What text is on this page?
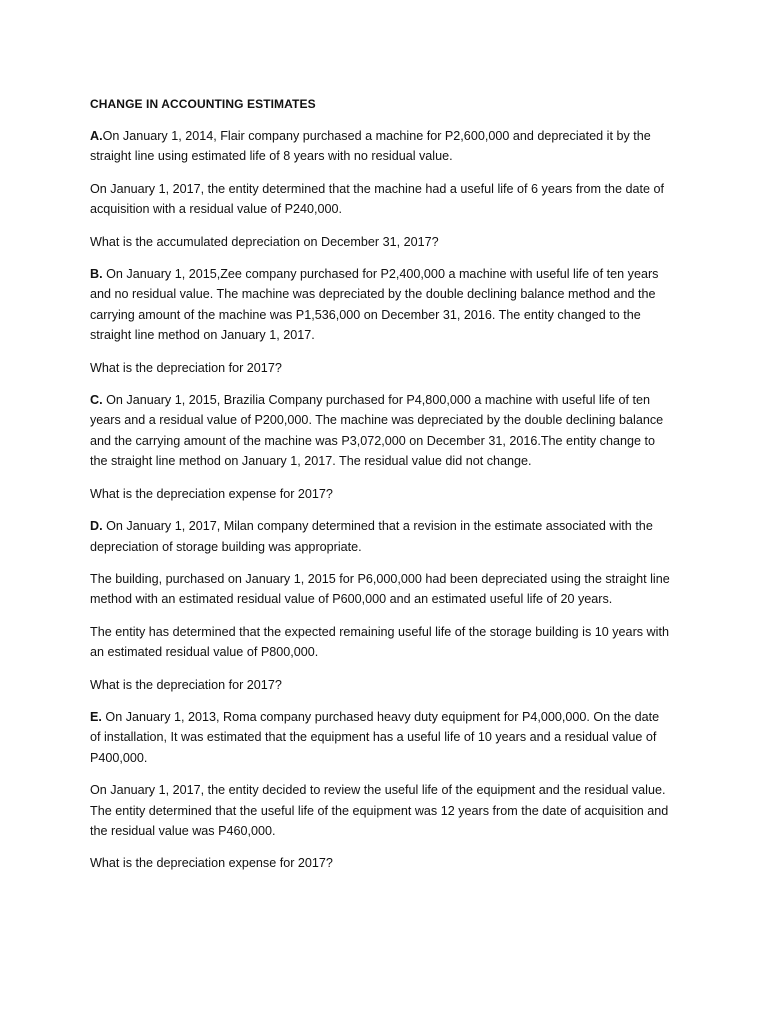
CHANGE IN ACCOUNTING ESTIMATES

A.On January 1, 2014, Flair company purchased a machine for P2,600,000 and depreciated it by the straight line using estimated life of 8 years with no residual value.

On January 1, 2017, the entity determined that the machine had a useful life of 6 years from the date of acquisition with a residual value of P240,000.

What is the accumulated depreciation on December 31, 2017?

B. On January 1, 2015,Zee company purchased for P2,400,000 a machine with useful life of ten years and no residual value. The machine was depreciated by the double declining balance method and the carrying amount of the machine was P1,536,000 on December 31, 2016. The entity changed to the straight line method on January 1, 2017.

What is the depreciation for 2017?

C. On January 1, 2015, Brazilia Company purchased for P4,800,000 a machine with useful life of ten years and a residual value of P200,000. The machine was depreciated by the double declining balance and the carrying amount of the machine was P3,072,000 on December 31, 2016.The entity change to the straight line method on January 1, 2017. The residual value did not change.

What is the depreciation expense for 2017?

D. On January 1, 2017, Milan company determined that a revision in the estimate associated with the depreciation of storage building was appropriate.

The building, purchased on January 1, 2015 for P6,000,000 had been depreciated using the straight line method with an estimated residual value of P600,000 and an estimated useful life of 20 years.

The entity has determined that the expected remaining useful life of the storage building is 10 years with an estimated residual value of P800,000.

What is the depreciation for 2017?

E. On January 1, 2013, Roma company purchased heavy duty equipment for P4,000,000. On the date of installation, It was estimated that the equipment has a useful life of 10 years and a residual value of P400,000.

On January 1, 2017, the entity decided to review the useful life of the equipment and the residual value. The entity determined that the useful life of the equipment was 12 years from the date of acquisition and the residual value was P460,000.

What is the depreciation expense for 2017?
